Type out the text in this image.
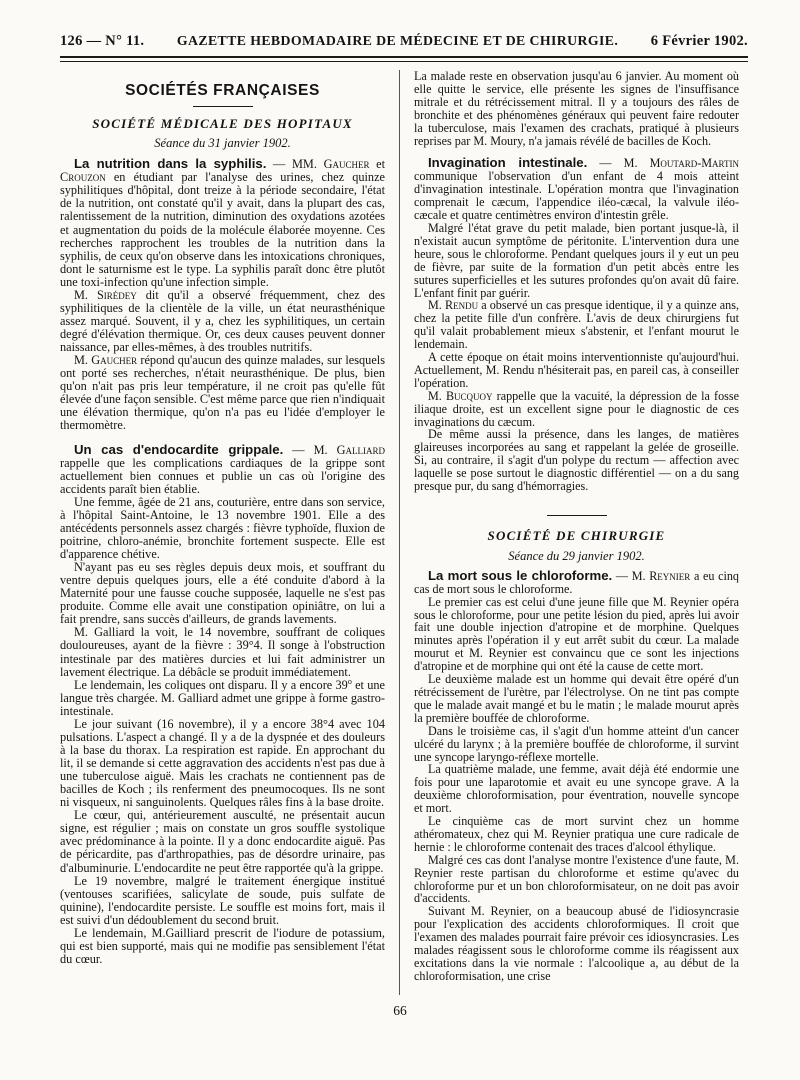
126 — N° 11. GAZETTE HEBDOMADAIRE DE MÉDECINE ET DE CHIRURGIE. 6 Février 1902.
SOCIÉTÉS FRANÇAISES
SOCIÉTÉ MÉDICALE DES HOPITAUX
Séance du 31 janvier 1902.

La nutrition dans la syphilis. — MM. Gaucher et Crouzon en étudiant par l'analyse des urines, chez quinze syphilitiques d'hôpital, dont treize à la période secondaire, l'état de la nutrition, ont constaté qu'il y avait, dans la plupart des cas, ralentissement de la nutrition, diminution des oxydations azotées et augmentation du poids de la molécule élaborée moyenne. Ces recherches rapprochent les troubles de la nutrition dans la syphilis, de ceux qu'on observe dans les intoxications chroniques, dont le saturnisme est le type. La syphilis paraît donc être plutôt une toxi-infection qu'une infection simple.

M. Sirédey dit qu'il a observé fréquemment, chez des syphilitiques de la clientèle de la ville, un état neurasthénique assez marqué. Souvent, il y a, chez les syphilitiques, un certain degré d'élévation thermique. Or, ces deux causes peuvent donner naissance, par elles-mêmes, à des troubles nutritifs.

M. Gaucher répond qu'aucun des quinze malades, sur lesquels ont porté ses recherches, n'était neurasthénique. De plus, bien qu'on n'ait pas pris leur température, il ne croit pas qu'elle fût élevée d'une façon sensible. C'est même parce que rien n'indiquait une élévation thermique, qu'on n'a pas eu l'idée d'employer le thermomètre.

Un cas d'endocardite grippale. — M. Galliard rappelle que les complications cardiaques de la grippe sont actuellement bien connues et publie un cas où l'origine des accidents paraît bien établie.

Une femme, âgée de 21 ans, couturière, entre dans son service, à l'hôpital Saint-Antoine, le 13 novembre 1901. Elle a des antécédents personnels assez chargés : fièvre typhoïde, fluxion de poitrine, chloro-anémie, bronchite fortement suspecte. Elle est d'apparence chétive.

N'ayant pas eu ses règles depuis deux mois, et souffrant du ventre depuis quelques jours, elle a été conduite d'abord à la Maternité pour une fausse couche supposée, laquelle ne s'est pas produite. Comme elle avait une constipation opiniâtre, on lui a fait prendre, sans succès d'ailleurs, de grands lavements.

M. Galliard la voit, le 14 novembre, souffrant de coliques douloureuses, ayant de la fièvre : 39°4. Il songe à l'obstruction intestinale par des matières durcies et lui fait administrer un lavement électrique. La débâcle se produit immédiatement.

Le lendemain, les coliques ont disparu. Il y a encore 39$^o$ et une langue très chargée. M. Galliard admet une grippe à forme gastro-intestinale.

Le jour suivant (16 novembre), il y a encore 38°4 avec 104 pulsations. L'aspect a changé. Il y a de la dyspnée et des douleurs à la base du thorax. La respiration est rapide. En approchant du lit, il se demande si cette aggravation des accidents n'est pas due à une tuberculose aiguë. Mais les crachats ne contiennent pas de bacilles de Koch ; ils renferment des pneumocoques. Ils ne sont ni visqueux, ni sanguinolents. Quelques râles fins à la base droite.

Le cœur, qui, antérieurement ausculté, ne présentait aucun signe, est régulier ; mais on constate un gros souffle systolique avec prédominance à la pointe. Il y a donc endocardite aiguë. Pas de péricardite, pas d'arthropathies, pas de désordre urinaire, pas d'albuminurie. L'endocardite ne peut être rapportée qu'à la grippe.

Le 19 novembre, malgré le traitement énergique institué (ventouses scarifiées, salicylate de soude, puis sulfate de quinine), l'endocardite persiste. Le souffle est moins fort, mais il est suivi d'un dédoublement du second bruit.

Le lendemain, M.Gailliard prescrit de l'iodure de potassium, qui est bien supporté, mais qui ne modifie pas sensiblement l'état du cœur.

La malade reste en observation jusqu'au 6 janvier. Au moment où elle quitte le service, elle présente les signes de l'insuffisance mitrale et du rétrécissement mitral. Il y a toujours des râles de bronchite et des phénomènes généraux qui peuvent faire redouter la tuberculose, mais l'examen des crachats, pratiqué à plusieurs reprises par M. Moury, n'a jamais révélé de bacilles de Koch.

Invagination intestinale. — M. Moutard-Martin communique l'observation d'un enfant de 4 mois atteint d'invagination intestinale. L'opération montra que l'invagination comprenait le cæcum, l'appendice iléo-cæcal, la valvule iléo-cæcale et quatre centimètres environ d'intestin grêle.

Malgré l'état grave du petit malade, bien portant jusque-là, il n'existait aucun symptôme de péritonite. L'intervention dura une heure, sous le chloroforme. Pendant quelques jours il y eut un peu de fièvre, par suite de la formation d'un petit abcès entre les sutures superficielles et les sutures profondes qu'on avait dû faire. L'enfant finit par guérir.

M. Rendu a observé un cas presque identique, il y a quinze ans, chez la petite fille d'un confrère. L'avis de deux chirurgiens fut qu'il valait probablement mieux s'abstenir, et l'enfant mourut le lendemain.

A cette époque on était moins interventionniste qu'aujourd'hui. Actuellement, M. Rendu n'hésiterait pas, en pareil cas, à conseiller l'opération.

M. Bucquoy rappelle que la vacuité, la dépression de la fosse iliaque droite, est un excellent signe pour le diagnostic de ces invaginations du cæcum.

De même aussi la présence, dans les langes, de matières glaireuses incorporées au sang et rappelant la gelée de groseille. Si, au contraire, il s'agit d'un polype du rectum — affection avec laquelle se pose surtout le diagnostic différentiel — on a du sang presque pur, du sang d'hémorragies.

SOCIÉTÉ DE CHIRURGIE
Séance du 29 janvier 1902.

La mort sous le chloroforme. — M. Reynier a eu cinq cas de mort sous le chloroforme.

Le premier cas est celui d'une jeune fille que M. Reynier opéra sous le chloroforme, pour une petite lésion du pied, après lui avoir fait une double injection d'atropine et de morphine. Quelques minutes après l'opération il y eut arrêt subit du cœur. La malade mourut et M. Reynier est convaincu que ce sont les injections d'atropine et de morphine qui ont été la cause de cette mort.

Le deuxième malade est un homme qui devait être opéré d'un rétrécissement de l'urètre, par l'électrolyse. On ne tint pas compte que le malade avait mangé et bu le matin ; le malade mourut après la première bouffée de chloroforme.

Dans le troisième cas, il s'agit d'un homme atteint d'un cancer ulcéré du larynx ; à la première bouffée de chloroforme, il survint une syncope laryngo-réflexe mortelle.

La quatrième malade, une femme, avait déjà été endormie une fois pour une laparotomie et avait eu une syncope grave. A la deuxième chloroformisation, pour éventration, nouvelle syncope et mort.

Le cinquième cas de mort survint chez un homme athéromateux, chez qui M. Reynier pratiqua une cure radicale de hernie : le chloroforme contenait des traces d'alcool éthylique.

Malgré ces cas dont l'analyse montre l'existence d'une faute, M. Reynier reste partisan du chloroforme et estime qu'avec du chloroforme pur et un bon chloroformisateur, on ne doit pas avoir d'accidents.

Suivant M. Reynier, on a beaucoup abusé de l'idiosyncrasie pour l'explication des accidents chloroformiques. Il croit que l'examen des malades pourrait faire prévoir ces idiosyncrasies. Les malades réagissent sous le chloroforme comme ils réagissent aux excitations dans la vie normale : l'alcoolique a, au début de la chloroformisation, une crise

66
